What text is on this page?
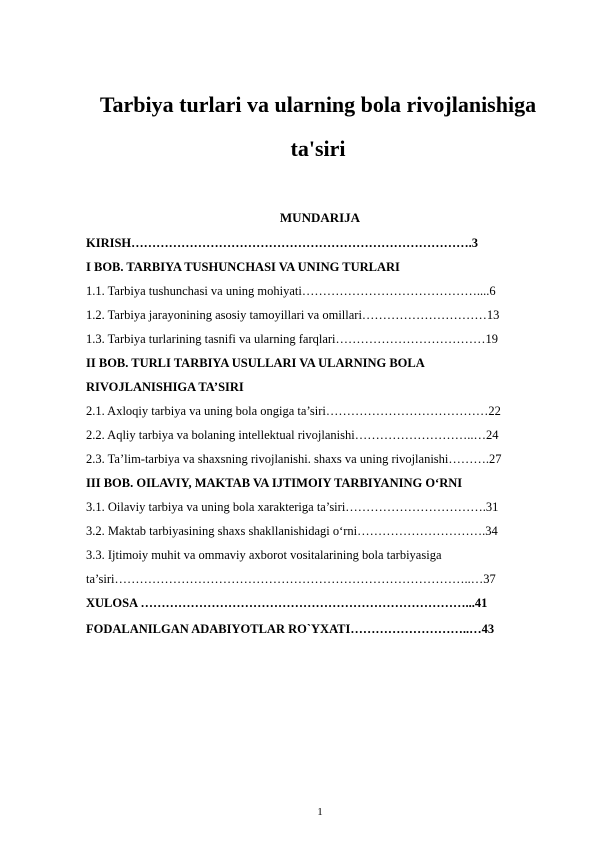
Tarbiya turlari va ularning bola rivojlanishiga
ta'siri
MUNDARIJA
KIRISH……………………………………………………………………….3
I BOB. TARBIYA TUSHUNCHASI VA UNING TURLARI
1.1. Tarbiya tushunchasi va uning mohiyati……………………………………....6
1.2. Tarbiya jarayonining asosiy tamoyillari va omillari…………………………13
1.3. Tarbiya turlarining tasnifi va ularning farqlari………………………………19
II BOB. TURLI TARBIYA USULLARI VA ULARNING BOLA
RIVOJLANISHIGA TA’SIRI
2.1. Axloqiy tarbiya va uning bola ongiga ta’siri…………………………………22
2.2. Aqliy tarbiya va bolaning intellektual rivojlanishi………………………..…24
2.3. Ta’lim-tarbiya va shaxsning rivojlanishi. shaxs va uning rivojlanishi……….27
III BOB. OILAVIY, MAKTAB VA IJTIMOIY TARBIYANING O‘RNI
3.1. Oilaviy tarbiya va uning bola xarakteriga ta’siri…………………………….31
3.2. Maktab tarbiyasining shaxs shakllanishidagi o‘rni………………………….34
3.3. Ijtimoiy muhit va ommaviy axborot vositalarining bola tarbiyasiga
ta’siri…………………………………………………………………………..…37
XULOSA ……………………………………………………………………...41
FODALANILGAN ADABIYOTLAR RO`YXATI………………………..…43
1
